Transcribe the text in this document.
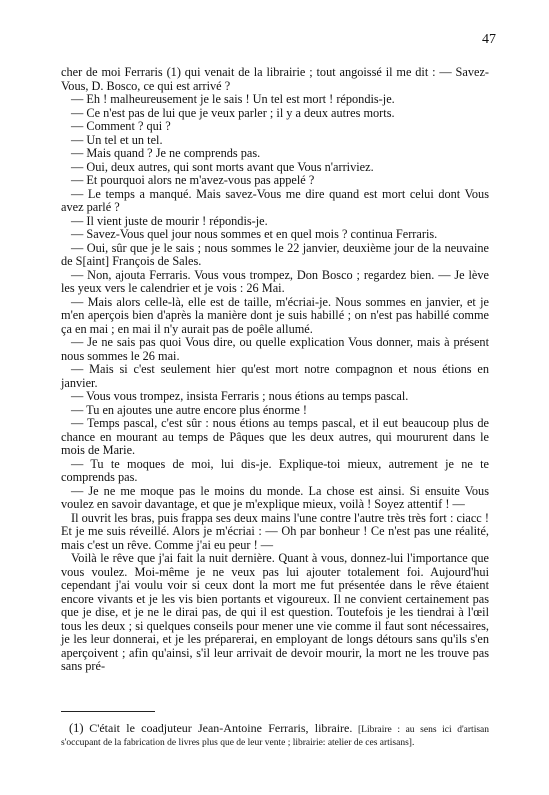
47

cher de moi Ferraris (1) qui venait de la librairie ; tout angoissé il me dit : — Savez-Vous, D. Bosco, ce qui est arrivé ?

— Eh ! malheureusement je le sais ! Un tel est mort ! répondis-je.

— Ce n'est pas de lui que je veux parler ; il y a deux autres morts.

— Comment ? qui ?

— Un tel et un tel.

— Mais quand ? Je ne comprends pas.

— Oui, deux autres, qui sont morts avant que Vous n'arriviez.

— Et pourquoi alors ne m'avez-vous pas appelé ?

— Le temps a manqué. Mais savez-Vous me dire quand est mort celui dont Vous avez parlé ?

— Il vient juste de mourir ! répondis-je.

— Savez-Vous quel jour nous sommes et en quel mois ? continua Ferraris.

— Oui, sûr que je le sais ; nous sommes le 22 janvier, deuxième jour de la neuvaine de S[aint] François de Sales.

— Non, ajouta Ferraris. Vous vous trompez, Don Bosco ; regardez bien. — Je lève les yeux vers le calendrier et je vois : 26 Mai.

— Mais alors celle-là, elle est de taille, m'écriai-je. Nous sommes en janvier, et je m'en aperçois bien d'après la manière dont je suis habillé ; on n'est pas habillé comme ça en mai ; en mai il n'y aurait pas de poêle allumé.

— Je ne sais pas quoi Vous dire, ou quelle explication Vous donner, mais à présent nous sommes le 26 mai.

— Mais si c'est seulement hier qu'est mort notre compagnon et nous étions en janvier.

— Vous vous trompez, insista Ferraris ; nous étions au temps pascal.

— Tu en ajoutes une autre encore plus énorme !

— Temps pascal, c'est sûr : nous étions au temps pascal, et il eut beaucoup plus de chance en mourant au temps de Pâques que les deux autres, qui moururent dans le mois de Marie.

— Tu te moques de moi, lui dis-je. Explique-toi mieux, autrement je ne te comprends pas.

— Je ne me moque pas le moins du monde. La chose est ainsi. Si ensuite Vous voulez en savoir davantage, et que je m'explique mieux, voilà ! Soyez attentif ! —

Il ouvrit les bras, puis frappa ses deux mains l'une contre l'autre très très fort : ciacc ! Et je me suis réveillé. Alors je m'écriai : — Oh par bonheur ! Ce n'est pas une réalité, mais c'est un rêve. Comme j'ai eu peur ! —

Voilà le rêve que j'ai fait la nuit dernière. Quant à vous, donnez-lui l'importance que vous voulez. Moi-même je ne veux pas lui ajouter totalement foi. Aujourd'hui cependant j'ai voulu voir si ceux dont la mort me fut présentée dans le rêve étaient encore vivants et je les vis bien portants et vigoureux. Il ne convient certainement pas que je dise, et je ne le dirai pas, de qui il est question. Toutefois je les tiendrai à l'œil tous les deux ; si quelques conseils pour mener une vie comme il faut sont nécessaires, je les leur donnerai, et je les préparerai, en employant de longs détours sans qu'ils s'en aperçoivent ; afin qu'ainsi, s'il leur arrivait de devoir mourir, la mort ne les trouve pas sans pré-

(1) C'était le coadjuteur Jean-Antoine Ferraris, libraire. [Libraire : au sens ici d'artisan s'occupant de la fabrication de livres plus que de leur vente ; librairie: atelier de ces artisans].
